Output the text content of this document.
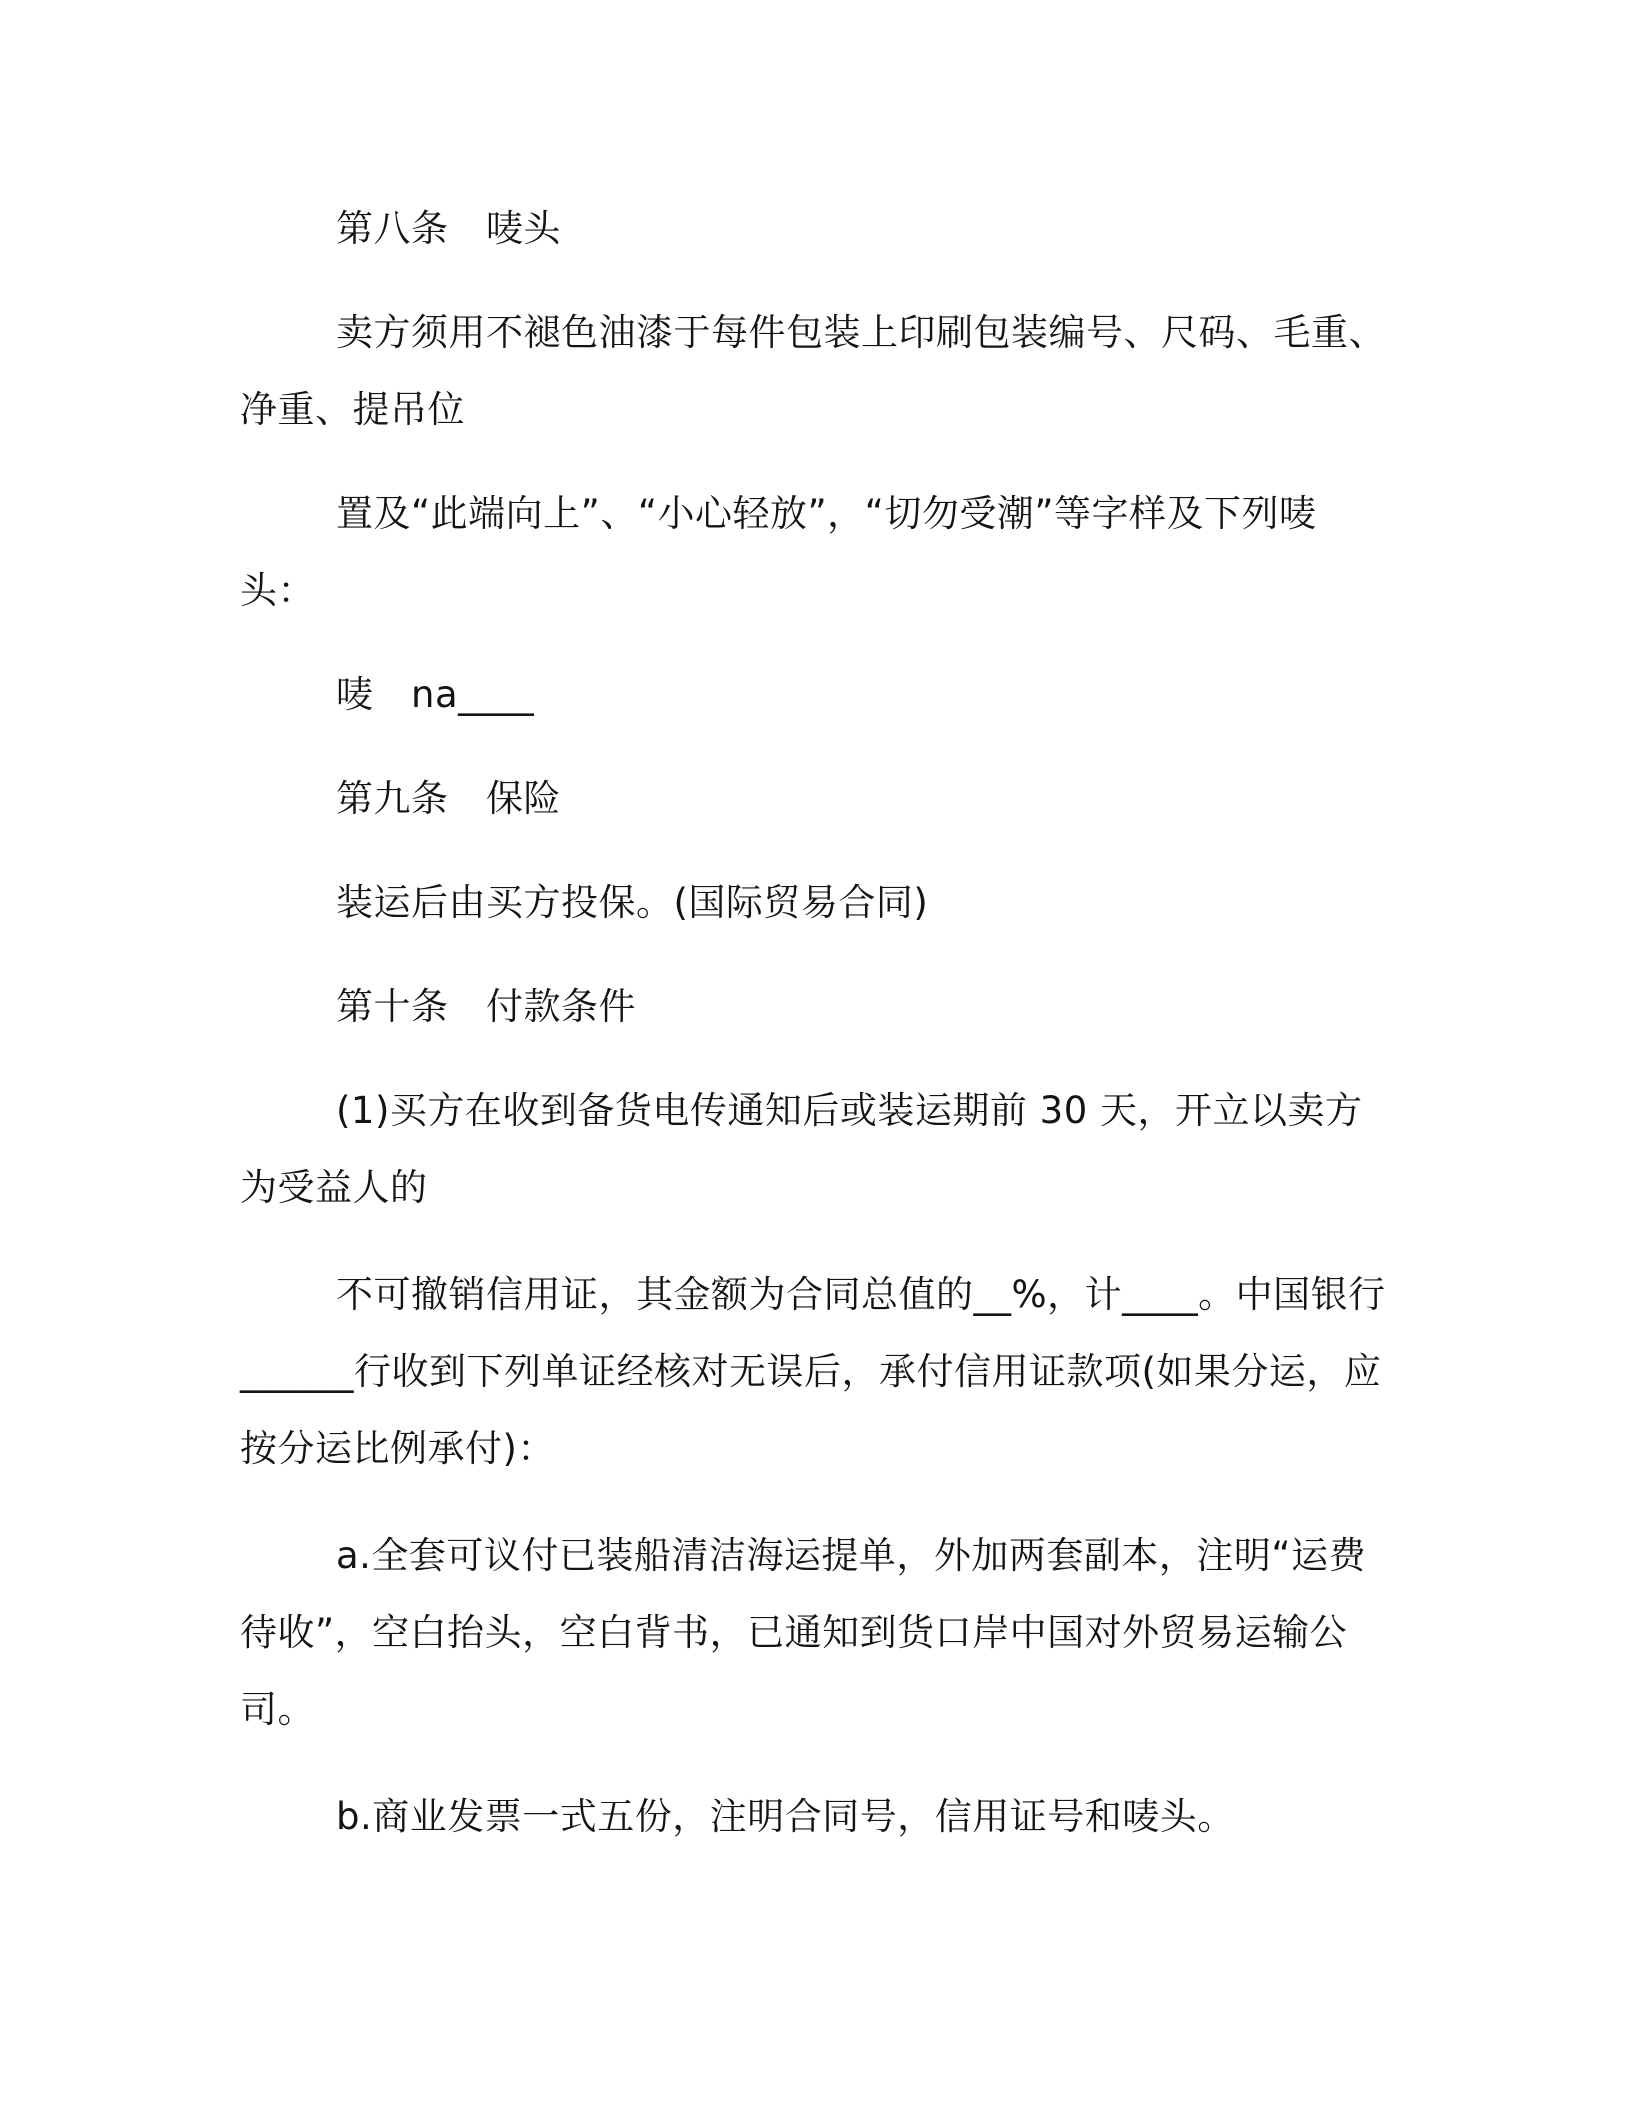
第八条　唛头

卖方须用不褪色油漆于每件包装上印刷包装编号、尺码、毛重、净重、提吊位

置及“此端向上”、“小心轻放”，“切勿受潮”等字样及下列唛头：

唛　na____

第九条　保险

装运后由买方投保。(国际贸易合同)

第十条　付款条件

(1)买方在收到备货电传通知后或装运期前 30 天，开立以卖方为受益人的

不可撤销信用证，其金额为合同总值的__%，计____。中国银行______行收到下列单证经核对无误后，承付信用证款项(如果分运，应按分运比例承付)：

a.全套可议付已装船清洁海运提单，外加两套副本，注明“运费待收”，空白抬头，空白背书，已通知到货口岸中国对外贸易运输公司。

b.商业发票一式五份，注明合同号，信用证号和唛头。
